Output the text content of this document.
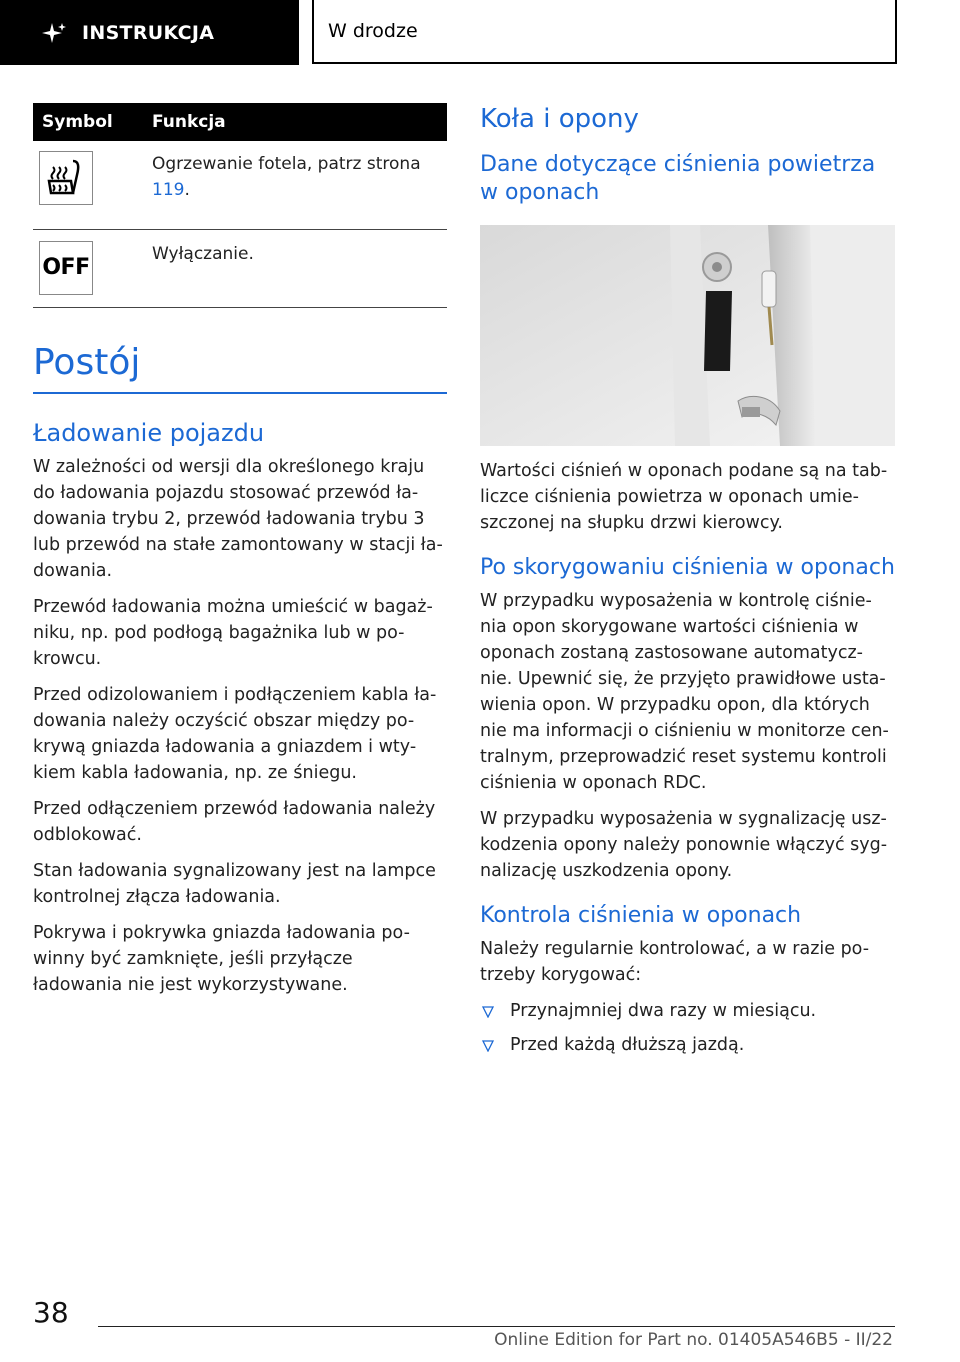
INSTRUKCJA	W drodze
Symbol	Funkcja

	Ogrzewanie fotela, patrz strona 119.

OFF	Wyłączanie.
Postój
Ładowanie pojazdu

W zależności od wersji dla określonego kraju do ładowania pojazdu stosować przewód ła-dowania trybu 2, przewód ładowania trybu 3 lub przewód na stałe zamontowany w stacji ła-dowania.

Przewód ładowania można umieścić w bagaż-niku, np. pod podłogą bagażnika lub w po-krowcu.

Przed odizolowaniem i podłączeniem kabla ła-dowania należy oczyścić obszar między po-krywą gniazda ładowania a gniazdem i wty-kiem kabla ładowania, np. ze śniegu.

Przed odłączeniem przewód ładowania należy odblokować.

Stan ładowania sygnalizowany jest na lampce kontrolnej złącza ładowania.

Pokrywa i pokrywka gniazda ładowania po-winny być zamknięte, jeśli przyłącze ładowania nie jest wykorzystywane.

Koła i opony
Dane dotyczące ciśnienia powietrza w oponach

Wartości ciśnień w oponach podane są na tab-liczce ciśnienia powietrza w oponach umie-szczonej na słupku drzwi kierowcy.

Po skorygowaniu ciśnienia w oponach

W przypadku wyposażenia w kontrolę ciśnie-nia opon skorygowane wartości ciśnienia w oponach zostaną zastosowane automatycz-nie. Upewnić się, że przyjęto prawidłowe usta-wienia opon. W przypadku opon, dla których nie ma informacji o ciśnieniu w monitorze cen-tralnym, przeprowadzić reset systemu kontroli ciśnienia w oponach RDC.

W przypadku wyposażenia w sygnalizację usz-kodzenia opony należy ponownie włączyć syg-nalizację uszkodzenia opony.

Kontrola ciśnienia w oponach

Należy regularnie kontrolować, a w razie po-trzeby korygować:

Przynajmniej dwa razy w miesiącu.
Przed każdą dłuższą jazdą.
38
Online Edition for Part no. 01405A546B5 - II/22
